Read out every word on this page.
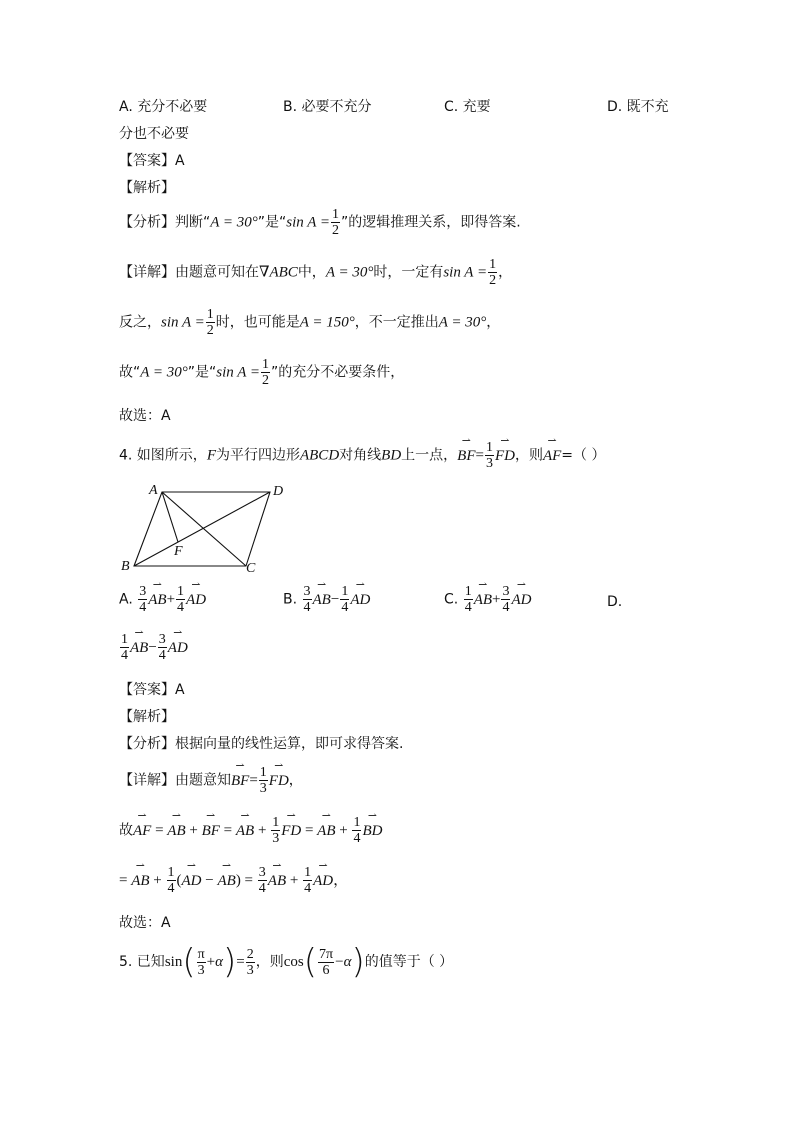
A. 充分不必要	B. 必要不充分	C. 充要	D. 既不充
分也不必要
【答案】A
【解析】
【分析】判断“A = 30°”是“sin $A = \frac{1}{2}$ ”的逻辑推理关系，即得答案.
【详解】由题意可知在∇ABC中，A = 30°时，一定有$\sin A = \frac{1}{2}$ ，
反之，$\sin A = \frac{1}{2}$ 时，也可能是A = 150°，不一定推出A = 30°，
故“A = 30°”是“sin $A = \frac{1}{2}$ ”的充分不必要条件，
故选：A
4. 如图所示，F为平行四边形ABCD对角线BD上一点，⇀ $BF= \frac{1}{3}$ ⇀ FD，则⇀ AF=（ ）
A	D
B	C
F
A. $\frac{3}{4}$ ⇀ $AB+ \frac{1}{4}$ ⇀ AD	B. $\frac{3}{4}$ ⇀ $AB- \frac{1}{4}$ ⇀ AD	C. $\frac{1}{4}$ ⇀ $AB+ \frac{3}{4}$ ⇀ AD	D.
$\frac{1}{4}$ ⇀ $AB- \frac{3}{4}$ ⇀ AD
【答案】A
【解析】
【分析】根据向量的线性运算，即可求得答案.
【详解】由题意知⇀ $BF= \frac{1}{3}$ ⇀ FD，
故⇀ AF = ⇀ AB + ⇀ BF = ⇀ AB + $\frac{1}{3}$ ⇀ FD = ⇀ AB + $\frac{1}{4}$ ⇀ BD
= ⇀ AB + $\frac{1}{4}$ (⇀ AD − ⇀ $AB) = \frac{3}{4}$ ⇀ AB + $\frac{1}{4}$ ⇀ AD，
故选：A
5. 已知$\sin( \frac{\pi}{3} +\alpha)= \frac{2}{3}$ ，则$\cos( \frac{7\pi}{6} -\alpha)$的值等于（ ）
